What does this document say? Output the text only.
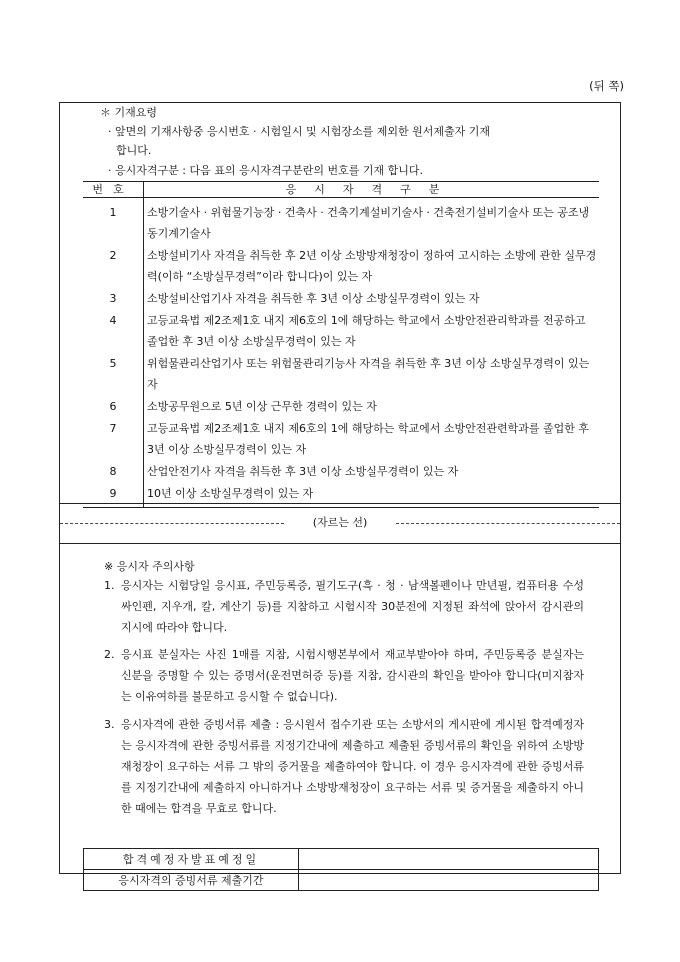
(뒤 쪽)
＊ 기재요령
· 앞면의 기재사항중 응시번호 · 시험일시 및 시험장소를 제외한 원서제출자 기재
합니다.
· 응시자격구분 : 다음 표의 응시자격구분란의 번호를 기재 합니다.
번호	응시자격구분
1	소방기술사 · 위험물기능장 · 건축사 · 건축기계설비기술사 · 건축전기설비기술사 또는 공조냉동기계기술사
2	소방설비기사 자격을 취득한 후 2년 이상 소방방재청장이 정하여 고시하는 소방에 관한 실무경력(이하 “소방실무경력”이라 합니다)이 있는 자
3	소방설비산업기사 자격을 취득한 후 3년 이상 소방실무경력이 있는 자
4	고등교육법 제2조제1호 내지 제6호의 1에 해당하는 학교에서 소방안전관리학과를 전공하고 졸업한 후 3년 이상 소방실무경력이 있는 자
5	위험물관리산업기사 또는 위험물관리기능사 자격을 취득한 후 3년 이상 소방실무경력이 있는 자
6	소방공무원으로 5년 이상 근무한 경력이 있는 자
7	고등교육법 제2조제1호 내지 제6호의 1에 해당하는 학교에서 소방안전관련학과를 졸업한 후 3년 이상 소방실무경력이 있는 자
8	산업안전기사 자격을 취득한 후 3년 이상 소방실무경력이 있는 자
9	10년 이상 소방실무경력이 있는 자
(자르는 선)
※ 응시자 주의사항
1. 응시자는 시험당일 응시표, 주민등록증, 필기도구(흑 · 청 · 남색볼펜이나 만년필, 컴퓨터용 수성싸인펜, 지우개, 칼, 계산기 등)를 지참하고 시험시작 30분전에 지정된 좌석에 앉아서 감시관의 지시에 따라야 합니다.
2. 응시표 분실자는 사진 1매를 지참, 시험시행본부에서 재교부받아야 하며, 주민등록증 분실자는 신분을 증명할 수 있는 증명서(운전면허증 등)를 지참, 감시관의 확인을 받아야 합니다(미지참자는 이유여하를 불문하고 응시할 수 없습니다).
3. 응시자격에 관한 증빙서류 제출 : 응시원서 접수기관 또는 소방서의 게시판에 게시된 합격예정자는 응시자격에 관한 증빙서류를 지정기간내에 제출하고 제출된 증빙서류의 확인을 위하여 소방방재청장이 요구하는 서류 그 밖의 증거물을 제출하여야 합니다. 이 경우 응시자격에 관한 증빙서류를 지정기간내에 제출하지 아니하거나 소방방재청장이 요구하는 서류 및 증거물을 제출하지 아니한 때에는 합격을 무효로 합니다.
합격예정자발표예정일	
응시자격의 증빙서류 제출기간	
